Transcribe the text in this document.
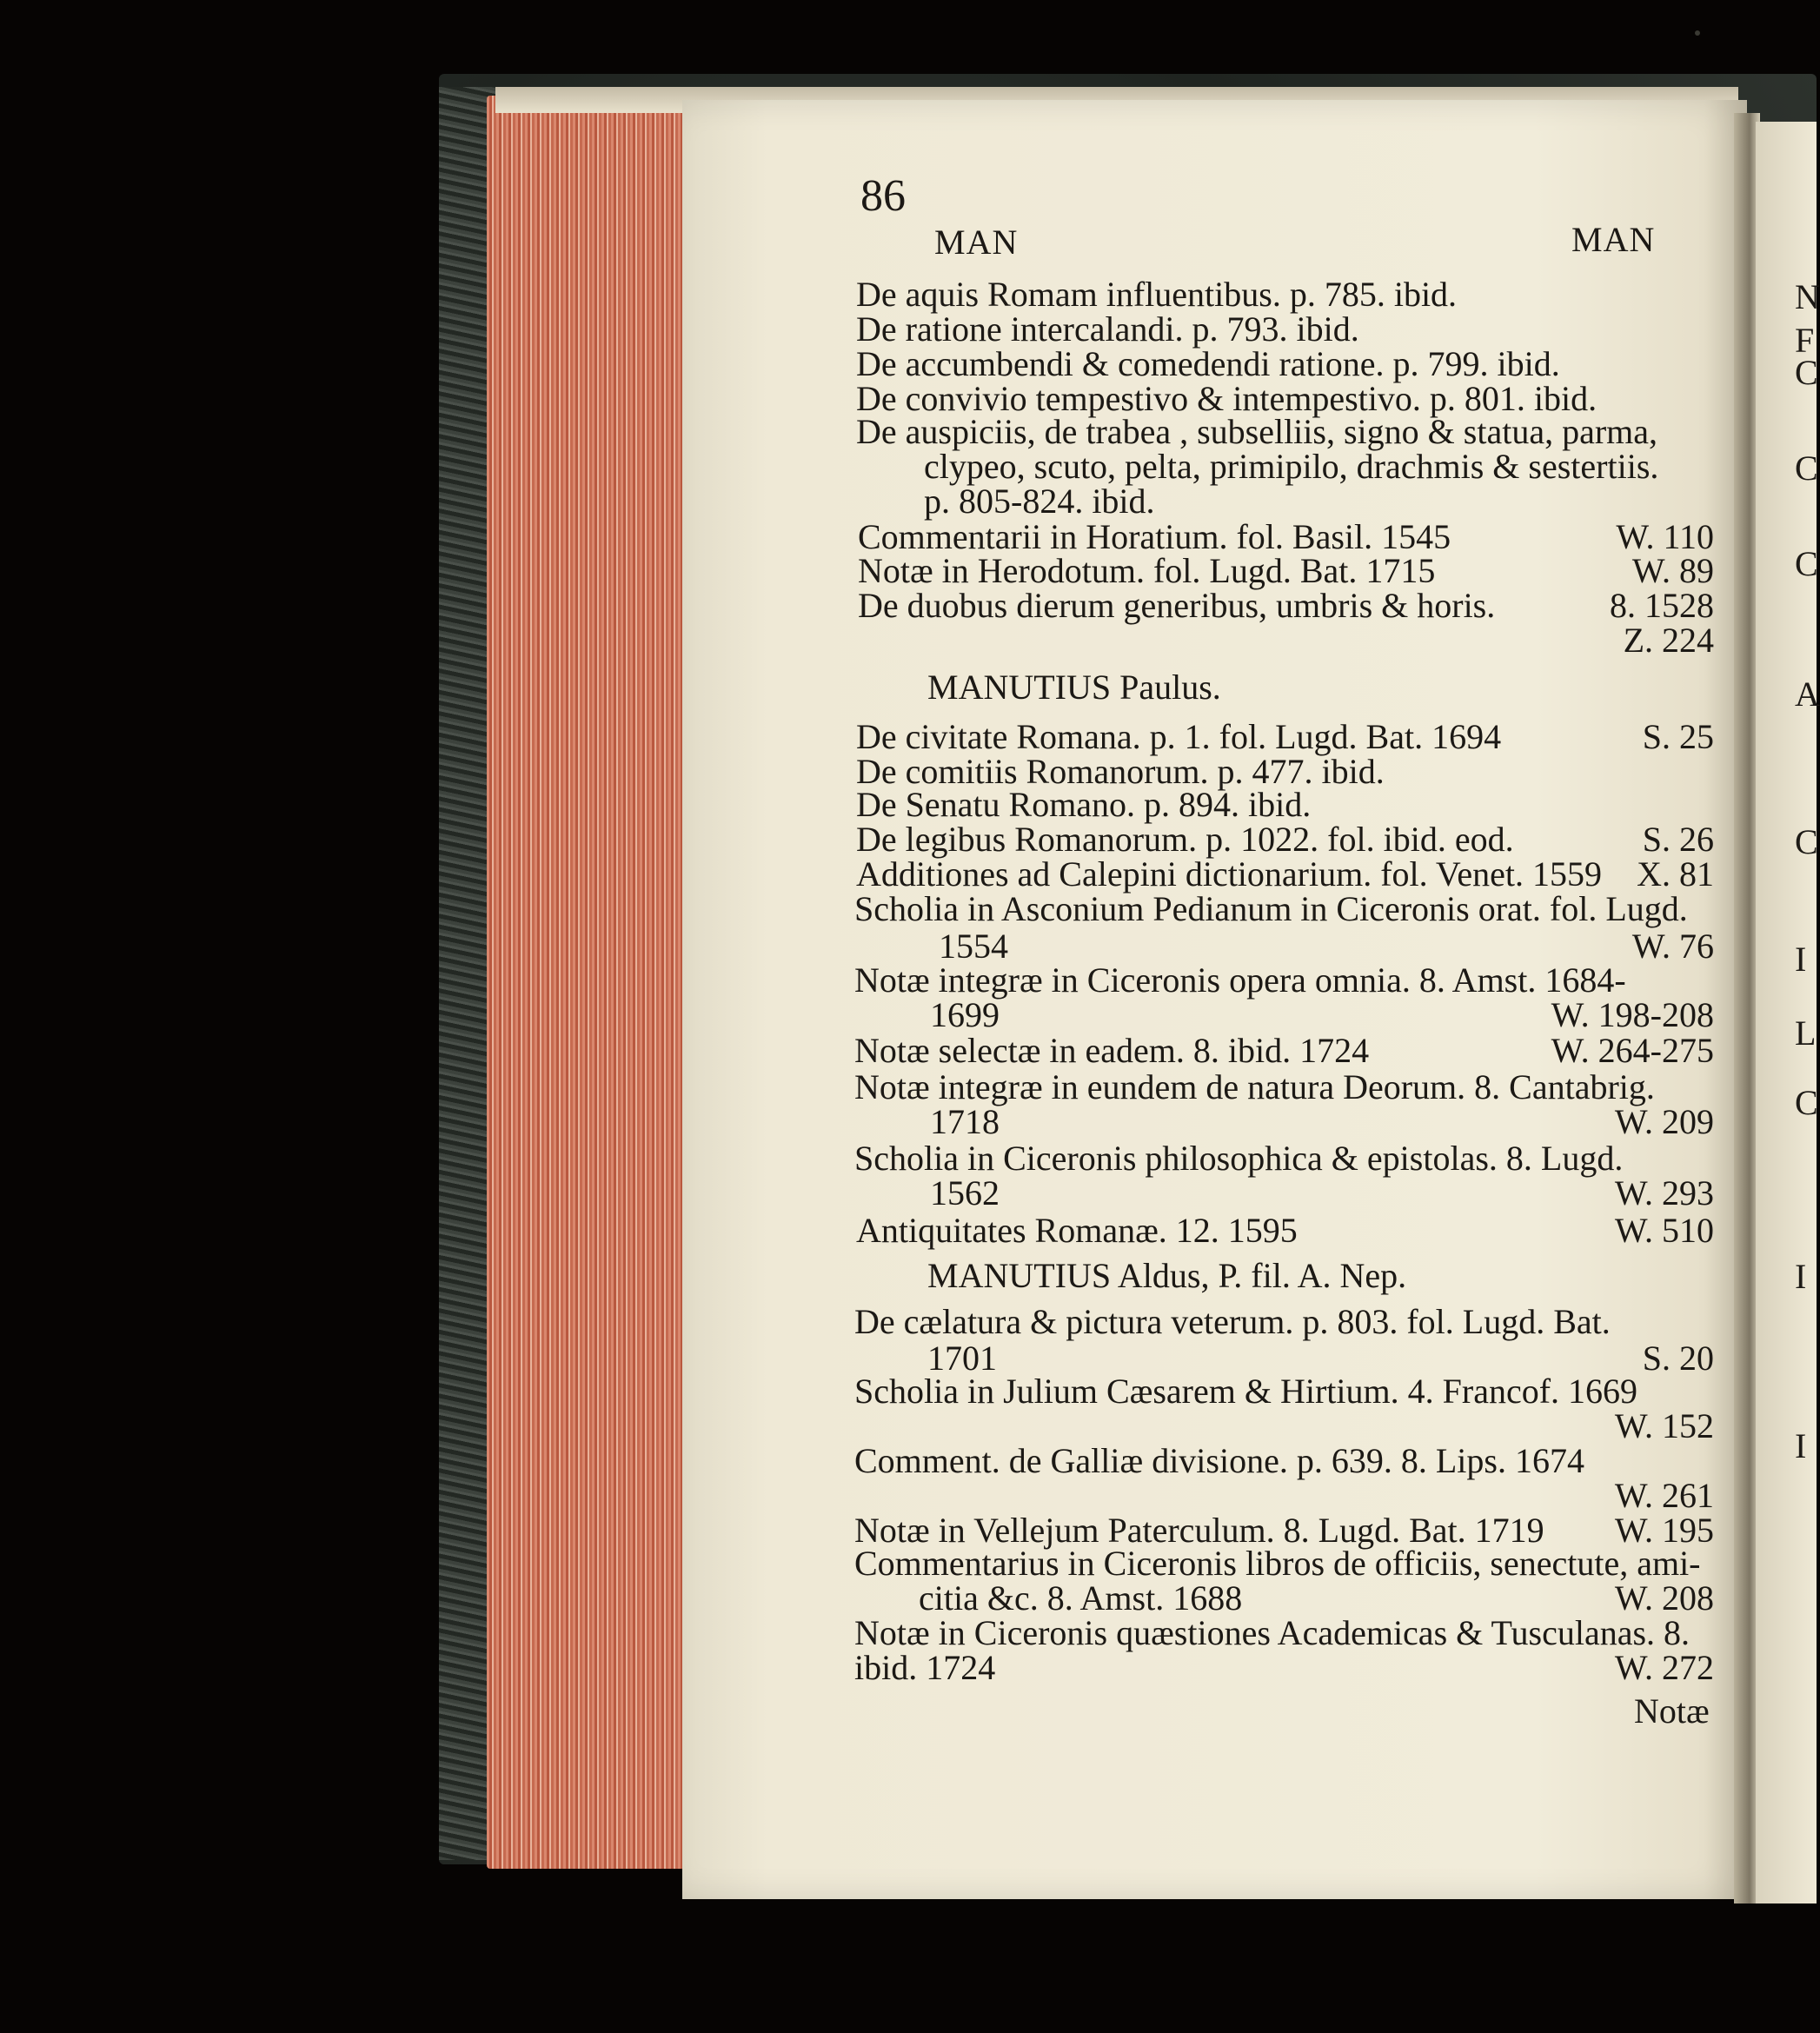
86
MAN	MAN
De aquis Romam influentibus. p. 785. ibid.
De ratione intercalandi. p. 793. ibid.
De accumbendi & comedendi ratione. p. 799. ibid.
De convivio tempestivo & intempestivo. p. 801. ibid.
De auspiciis, de trabea , subselliis, signo & statua, parma,
clypeo, scuto, pelta, primipilo, drachmis & sestertiis.
p. 805-824. ibid.
Commentarii in Horatium. fol. Basil. 1545	W. 110
Notæ in Herodotum. fol. Lugd. Bat. 1715	W. 89
De duobus dierum generibus, umbris & horis.	8. 1528
Z. 224
MANUTIUS Paulus.
De civitate Romana. p. 1. fol. Lugd. Bat. 1694	S. 25
De comitiis Romanorum. p. 477. ibid.
De Senatu Romano. p. 894. ibid.
De legibus Romanorum. p. 1022. fol. ibid. eod.	S. 26
Additiones ad Calepini dictionarium. fol. Venet. 1559 X. 81
Scholia in Asconium Pedianum in Ciceronis orat. fol. Lugd.
1554	W. 76
Notæ integræ in Ciceronis opera omnia. 8. Amst. 1684-
1699	W. 198-208
Notæ selectæ in eadem. 8. ibid. 1724	W. 264-275
Notæ integræ in eundem de natura Deorum. 8. Cantabrig.
1718	W. 209
Scholia in Ciceronis philosophica & epistolas. 8. Lugd.
1562	W. 293
Antiquitates Romanæ. 12. 1595	W. 510
MANUTIUS Aldus, P. fil. A. Nep.
De cælatura & pictura veterum. p. 803. fol. Lugd. Bat.
1701	S. 20
Scholia in Julium Cæsarem & Hirtium. 4. Francof. 1669
W. 152
Comment. de Galliæ divisione. p. 639. 8. Lips. 1674
W. 261
Notæ in Vellejum Paterculum. 8. Lugd. Bat. 1719 W. 195
Commentarius in Ciceronis libros de officiis, senectute, ami-
citia &c. 8. Amst. 1688	W. 208
Notæ in Ciceronis quæstiones Academicas & Tusculanas. 8.
ibid. 1724	W. 272
Notæ
N
F
C
C
C
A
C
I
L
C
I
I
